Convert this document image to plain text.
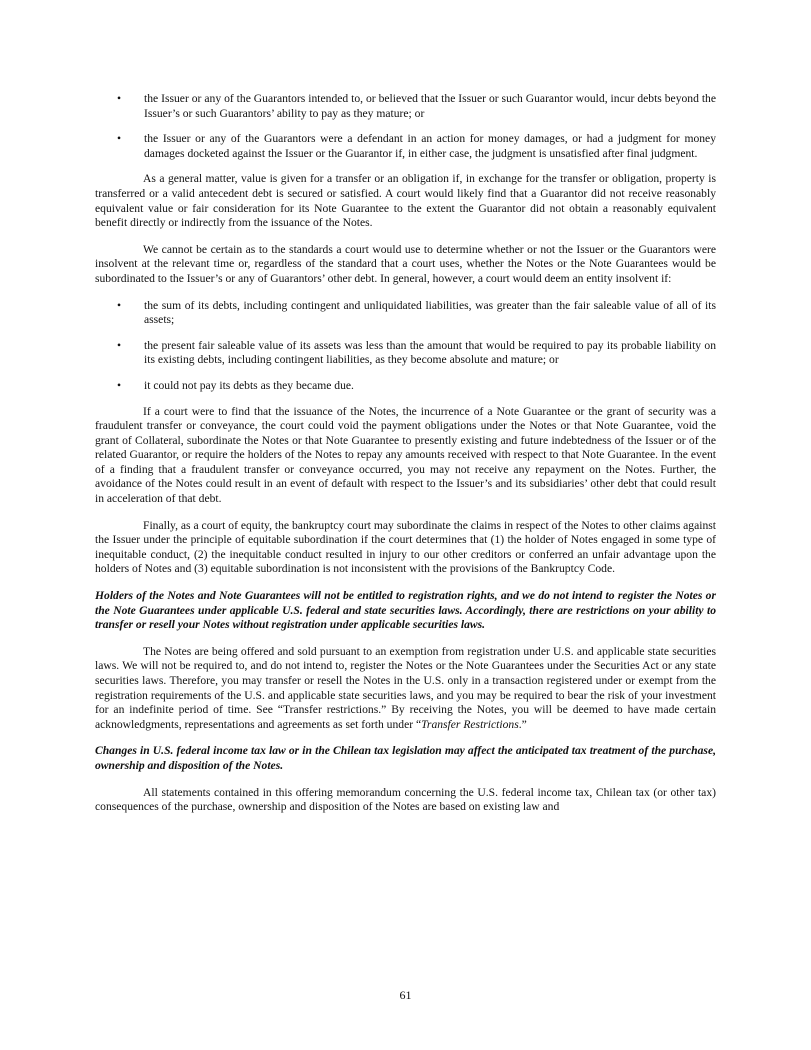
•	the Issuer or any of the Guarantors intended to, or believed that the Issuer or such Guarantor would, incur debts beyond the Issuer’s or such Guarantors’ ability to pay as they mature; or
•	the Issuer or any of the Guarantors were a defendant in an action for money damages, or had a judgment for money damages docketed against the Issuer or the Guarantor if, in either case, the judgment is unsatisfied after final judgment.

As a general matter, value is given for a transfer or an obligation if, in exchange for the transfer or obligation, property is transferred or a valid antecedent debt is secured or satisfied. A court would likely find that a Guarantor did not receive reasonably equivalent value or fair consideration for its Note Guarantee to the extent the Guarantor did not obtain a reasonably equivalent benefit directly or indirectly from the issuance of the Notes.

We cannot be certain as to the standards a court would use to determine whether or not the Issuer or the Guarantors were insolvent at the relevant time or, regardless of the standard that a court uses, whether the Notes or the Note Guarantees would be subordinated to the Issuer’s or any of Guarantors’ other debt. In general, however, a court would deem an entity insolvent if:

•	the sum of its debts, including contingent and unliquidated liabilities, was greater than the fair saleable value of all of its assets;
•	the present fair saleable value of its assets was less than the amount that would be required to pay its probable liability on its existing debts, including contingent liabilities, as they become absolute and mature; or
•	it could not pay its debts as they became due.

If a court were to find that the issuance of the Notes, the incurrence of a Note Guarantee or the grant of security was a fraudulent transfer or conveyance, the court could void the payment obligations under the Notes or that Note Guarantee, void the grant of Collateral, subordinate the Notes or that Note Guarantee to presently existing and future indebtedness of the Issuer or of the related Guarantor, or require the holders of the Notes to repay any amounts received with respect to that Note Guarantee. In the event of a finding that a fraudulent transfer or conveyance occurred, you may not receive any repayment on the Notes. Further, the avoidance of the Notes could result in an event of default with respect to the Issuer’s and its subsidiaries’ other debt that could result in acceleration of that debt.

Finally, as a court of equity, the bankruptcy court may subordinate the claims in respect of the Notes to other claims against the Issuer under the principle of equitable subordination if the court determines that (1) the holder of Notes engaged in some type of inequitable conduct, (2) the inequitable conduct resulted in injury to our other creditors or conferred an unfair advantage upon the holders of Notes and (3) equitable subordination is not inconsistent with the provisions of the Bankruptcy Code.

Holders of the Notes and Note Guarantees will not be entitled to registration rights, and we do not intend to register the Notes or the Note Guarantees under applicable U.S. federal and state securities laws. Accordingly, there are restrictions on your ability to transfer or resell your Notes without registration under applicable securities laws.

The Notes are being offered and sold pursuant to an exemption from registration under U.S. and applicable state securities laws. We will not be required to, and do not intend to, register the Notes or the Note Guarantees under the Securities Act or any state securities laws. Therefore, you may transfer or resell the Notes in the U.S. only in a transaction registered under or exempt from the registration requirements of the U.S. and applicable state securities laws, and you may be required to bear the risk of your investment for an indefinite period of time. See “Transfer restrictions.” By receiving the Notes, you will be deemed to have made certain acknowledgments, representations and agreements as set forth under “Transfer Restrictions.”

Changes in U.S. federal income tax law or in the Chilean tax legislation may affect the anticipated tax treatment of the purchase, ownership and disposition of the Notes.

All statements contained in this offering memorandum concerning the U.S. federal income tax, Chilean tax (or other tax) consequences of the purchase, ownership and disposition of the Notes are based on existing law and

61
